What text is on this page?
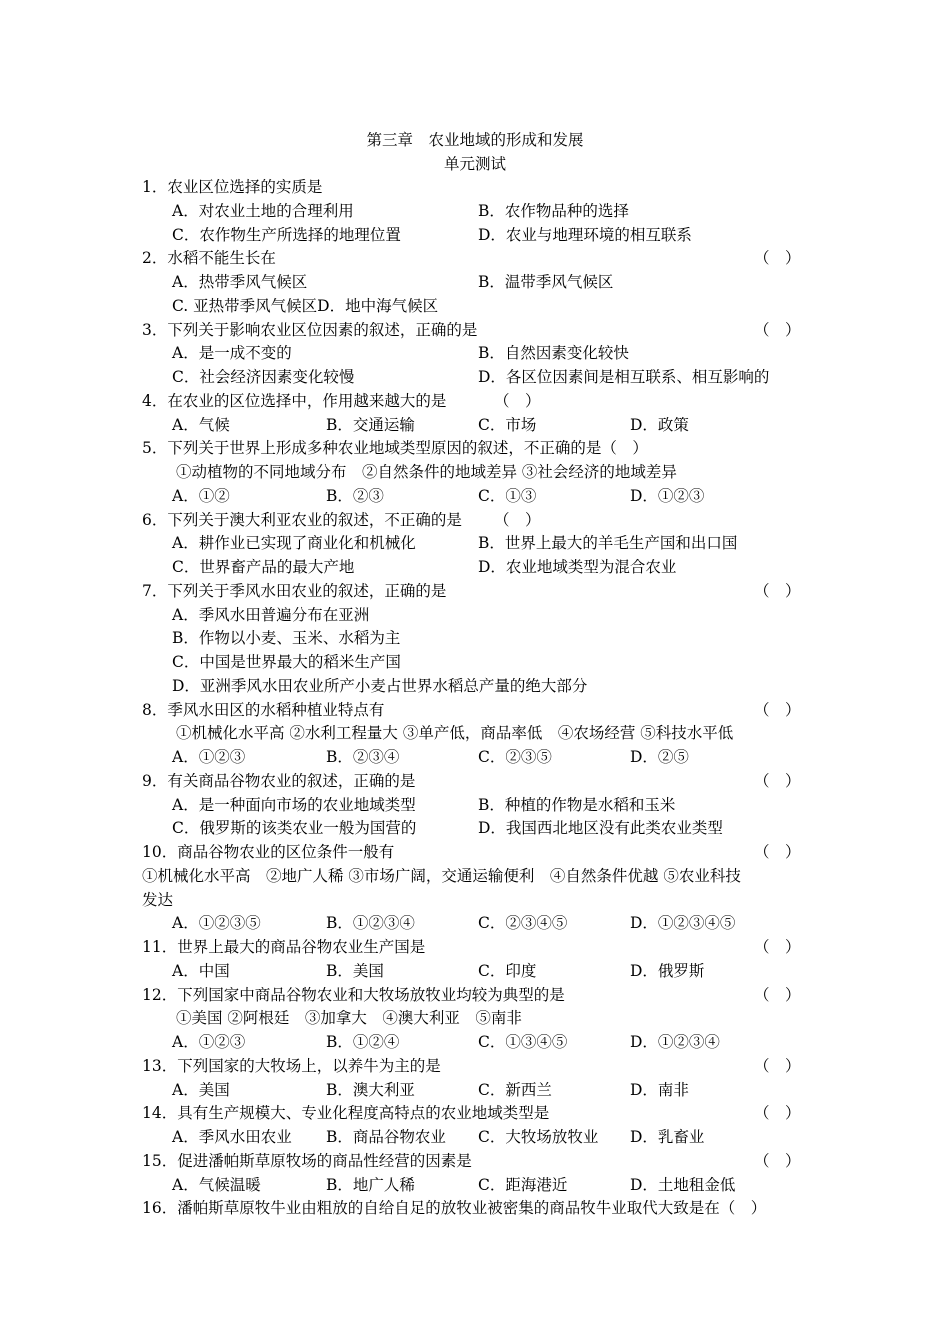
第三章　农业地域的形成和发展
单元测试
1．农业区位选择的实质是
A．对农业土地的合理利用	B．农作物品种的选择
C．农作物生产所选择的地理位置	D．农业与地理环境的相互联系
2．水稻不能生长在	（　）
A．热带季风气候区	B．温带季风气候区
C. 亚热带季风气候区D．地中海气候区
3．下列关于影响农业区位因素的叙述，正确的是	（　）
A．是一成不变的	B．自然因素变化较快
C．社会经济因素变化较慢	D．各区位因素间是相互联系、相互影响的
4．在农业的区位选择中，作用越来越大的是	（　）
A．气候	B．交通运输	C．市场	D．政策
5．下列关于世界上形成多种农业地域类型原因的叙述，不正确的是（　）
①动植物的不同地域分布　②自然条件的地域差异 ③社会经济的地域差异
A．①②	B．②③	C．①③	D．①②③
6．下列关于澳大利亚农业的叙述，不正确的是 （　）
A．耕作业已实现了商业化和机械化	B．世界上最大的羊毛生产国和出口国
C．世界畜产品的最大产地	D．农业地域类型为混合农业
7．下列关于季风水田农业的叙述，正确的是	（　）
A．季风水田普遍分布在亚洲
B．作物以小麦、玉米、水稻为主
C．中国是世界最大的稻米生产国
D．亚洲季风水田农业所产小麦占世界水稻总产量的绝大部分
8．季风水田区的水稻种植业特点有	（　）
①机械化水平高 ②水利工程量大 ③单产低，商品率低　④农场经营 ⑤科技水平低
A．①②③	B．②③④	C．②③⑤	D．②⑤
9．有关商品谷物农业的叙述，正确的是	（　）
A．是一种面向市场的农业地域类型	B．种植的作物是水稻和玉米
C．俄罗斯的该类农业一般为国营的	D．我国西北地区没有此类农业类型
10．商品谷物农业的区位条件一般有	（　）
①机械化水平高　②地广人稀 ③市场广阔，交通运输便利　④自然条件优越 ⑤农业科技
发达
A．①②③⑤	B．①②③④	C．②③④⑤	D．①②③④⑤
11．世界上最大的商品谷物农业生产国是	（　）
A．中国	B．美国	C．印度	D．俄罗斯
12．下列国家中商品谷物农业和大牧场放牧业均较为典型的是	（　）
①美国 ②阿根廷　③加拿大　④澳大利亚　⑤南非
A．①②③	B．①②④	C．①③④⑤	D．①②③④
13．下列国家的大牧场上，以养牛为主的是	（　）
A．美国	B．澳大利亚	C．新西兰	D．南非
14．具有生产规模大、专业化程度高特点的农业地域类型是	（　）
A．季风水田农业 B．商品谷物农业 C．大牧场放牧业 D．乳畜业
15．促进潘帕斯草原牧场的商品性经营的因素是	（　）
A．气候温暖	B．地广人稀	C．距海港近	D．土地租金低
16．潘帕斯草原牧牛业由粗放的自给自足的放牧业被密集的商品牧牛业取代大致是在（　）
